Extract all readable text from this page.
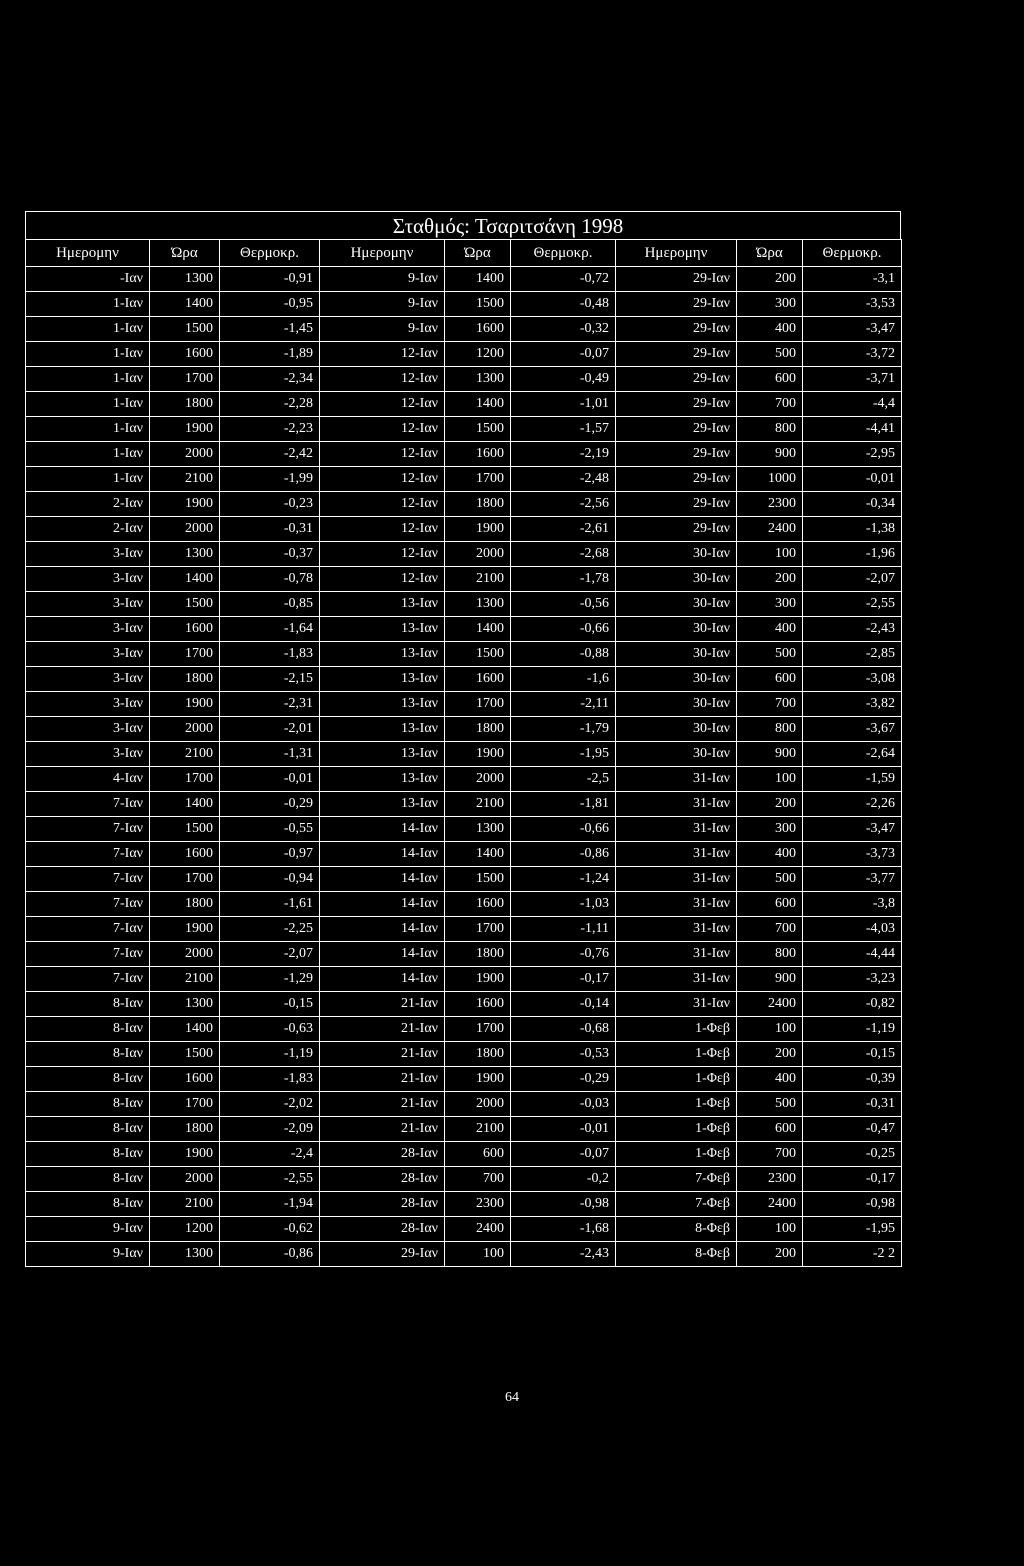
Σταθμός: Τσαριτσάνη 1998
Ημερομην	Ώρα	Θερμοκρ.	Ημερομην	Ώρα	Θερμοκρ.	Ημερομην	Ώρα	Θερμοκρ.
-Ιαν	1300	-0,91	9-Ιαν	1400	-0,72	29-Ιαν	200	-3,1
1-Ιαν	1400	-0,95	9-Ιαν	1500	-0,48	29-Ιαν	300	-3,53
1-Ιαν	1500	-1,45	9-Ιαν	1600	-0,32	29-Ιαν	400	-3,47
1-Ιαν	1600	-1,89	12-Ιαν	1200	-0,07	29-Ιαν	500	-3,72
1-Ιαν	1700	-2,34	12-Ιαν	1300	-0,49	29-Ιαν	600	-3,71
1-Ιαν	1800	-2,28	12-Ιαν	1400	-1,01	29-Ιαν	700	-4,4
1-Ιαν	1900	-2,23	12-Ιαν	1500	-1,57	29-Ιαν	800	-4,41
1-Ιαν	2000	-2,42	12-Ιαν	1600	-2,19	29-Ιαν	900	-2,95
1-Ιαν	2100	-1,99	12-Ιαν	1700	-2,48	29-Ιαν	1000	-0,01
2-Ιαν	1900	-0,23	12-Ιαν	1800	-2,56	29-Ιαν	2300	-0,34
2-Ιαν	2000	-0,31	12-Ιαν	1900	-2,61	29-Ιαν	2400	-1,38
3-Ιαν	1300	-0,37	12-Ιαν	2000	-2,68	30-Ιαν	100	-1,96
3-Ιαν	1400	-0,78	12-Ιαν	2100	-1,78	30-Ιαν	200	-2,07
3-Ιαν	1500	-0,85	13-Ιαν	1300	-0,56	30-Ιαν	300	-2,55
3-Ιαν	1600	-1,64	13-Ιαν	1400	-0,66	30-Ιαν	400	-2,43
3-Ιαν	1700	-1,83	13-Ιαν	1500	-0,88	30-Ιαν	500	-2,85
3-Ιαν	1800	-2,15	13-Ιαν	1600	-1,6	30-Ιαν	600	-3,08
3-Ιαν	1900	-2,31	13-Ιαν	1700	-2,11	30-Ιαν	700	-3,82
3-Ιαν	2000	-2,01	13-Ιαν	1800	-1,79	30-Ιαν	800	-3,67
3-Ιαν	2100	-1,31	13-Ιαν	1900	-1,95	30-Ιαν	900	-2,64
4-Ιαν	1700	-0,01	13-Ιαν	2000	-2,5	31-Ιαν	100	-1,59
7-Ιαν	1400	-0,29	13-Ιαν	2100	-1,81	31-Ιαν	200	-2,26
7-Ιαν	1500	-0,55	14-Ιαν	1300	-0,66	31-Ιαν	300	-3,47
7-Ιαν	1600	-0,97	14-Ιαν	1400	-0,86	31-Ιαν	400	-3,73
7-Ιαν	1700	-0,94	14-Ιαν	1500	-1,24	31-Ιαν	500	-3,77
7-Ιαν	1800	-1,61	14-Ιαν	1600	-1,03	31-Ιαν	600	-3,8
7-Ιαν	1900	-2,25	14-Ιαν	1700	-1,11	31-Ιαν	700	-4,03
7-Ιαν	2000	-2,07	14-Ιαν	1800	-0,76	31-Ιαν	800	-4,44
7-Ιαν	2100	-1,29	14-Ιαν	1900	-0,17	31-Ιαν	900	-3,23
8-Ιαν	1300	-0,15	21-Ιαν	1600	-0,14	31-Ιαν	2400	-0,82
8-Ιαν	1400	-0,63	21-Ιαν	1700	-0,68	1-Φεβ	100	-1,19
8-Ιαν	1500	-1,19	21-Ιαν	1800	-0,53	1-Φεβ	200	-0,15
8-Ιαν	1600	-1,83	21-Ιαν	1900	-0,29	1-Φεβ	400	-0,39
8-Ιαν	1700	-2,02	21-Ιαν	2000	-0,03	1-Φεβ	500	-0,31
8-Ιαν	1800	-2,09	21-Ιαν	2100	-0,01	1-Φεβ	600	-0,47
8-Ιαν	1900	-2,4	28-Ιαν	600	-0,07	1-Φεβ	700	-0,25
8-Ιαν	2000	-2,55	28-Ιαν	700	-0,2	7-Φεβ	2300	-0,17
8-Ιαν	2100	-1,94	28-Ιαν	2300	-0,98	7-Φεβ	2400	-0,98
9-Ιαν	1200	-0,62	28-Ιαν	2400	-1,68	8-Φεβ	100	-1,95
9-Ιαν	1300	-0,86	29-Ιαν	100	-2,43	8-Φεβ	200	-2 2
64
